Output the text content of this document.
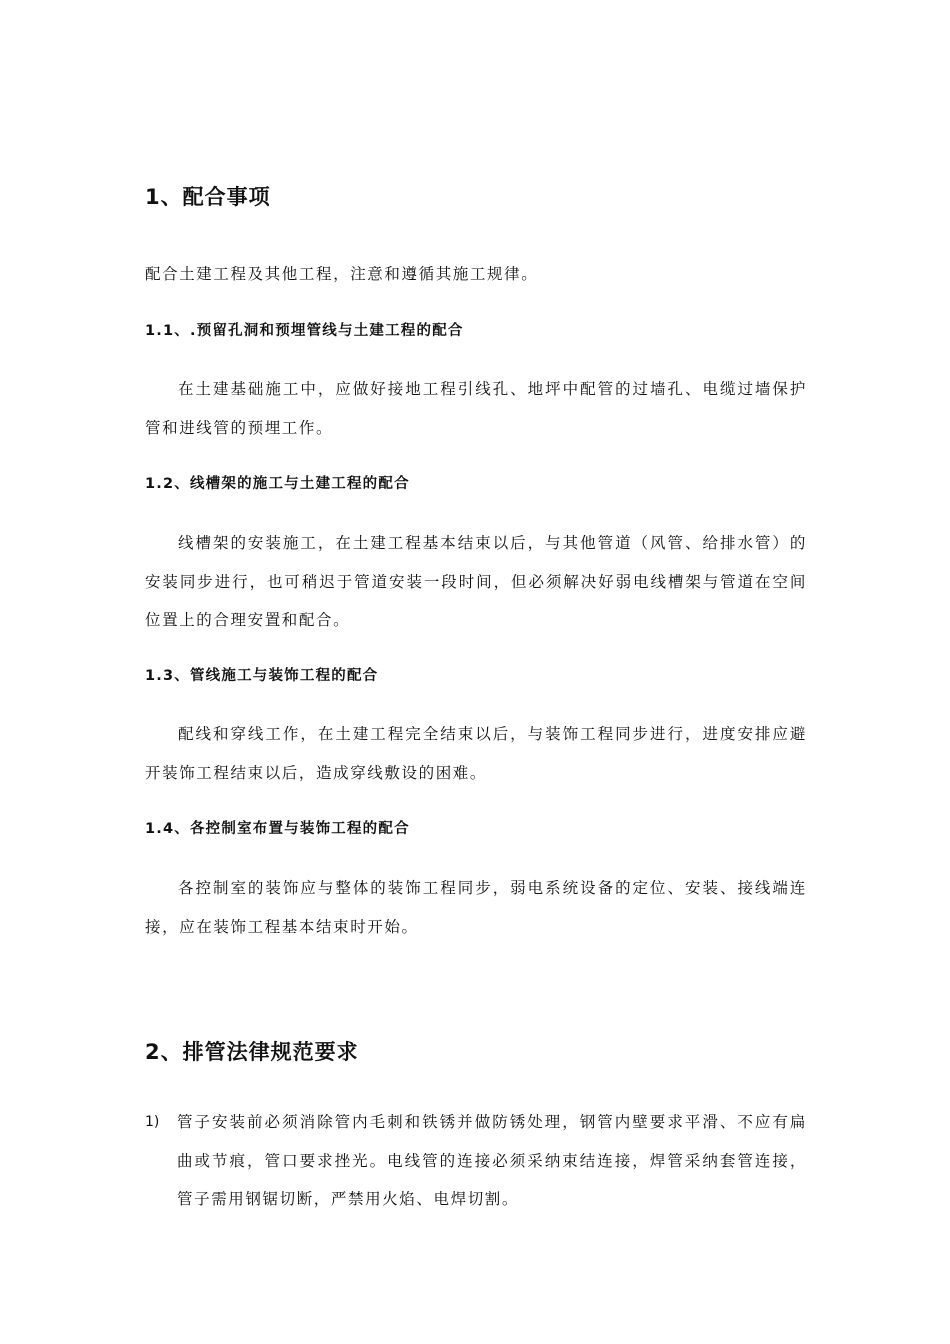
1、配合事项

配合土建工程及其他工程，注意和遵循其施工规律。

1.1、.预留孔洞和预埋管线与土建工程的配合

在土建基础施工中，应做好接地工程引线孔、地坪中配管的过墙孔、电缆过墙保护管和进线管的预埋工作。

1.2、线槽架的施工与土建工程的配合

线槽架的安装施工，在土建工程基本结束以后，与其他管道（风管、给排水管）的安装同步进行，也可稍迟于管道安装一段时间，但必须解决好弱电线槽架与管道在空间位置上的合理安置和配合。

1.3、管线施工与装饰工程的配合

配线和穿线工作，在土建工程完全结束以后，与装饰工程同步进行，进度安排应避开装饰工程结束以后，造成穿线敷设的困难。

1.4、各控制室布置与装饰工程的配合

各控制室的装饰应与整体的装饰工程同步，弱电系统设备的定位、安装、接线端连接，应在装饰工程基本结束时开始。

2、排管法律规范要求
1) 管子安装前必须消除管内毛刺和铁锈并做防锈处理，钢管内壁要求平滑、不应有扁曲或节痕，管口要求挫光。电线管的连接必须采纳束结连接，焊管采纳套管连接，管子需用钢锯切断，严禁用火焰、电焊切割。
